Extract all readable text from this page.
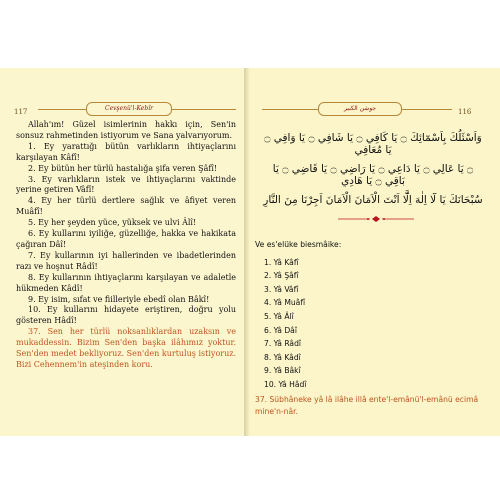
117	Cevşenü'l-Kebîr

Allah'ım! Güzel isimlerinin hakkı için, Sen'in sonsuz rahmetinden istiyorum ve Sana yalvarıyorum.

1. Ey yarattığı bütün varlıkların ihtiyaçlarını karşılayan Kâfî!

2. Ey bütün her türlü hastalığa şifa veren Şâfî!

3. Ey varlıkların istek ve ihtiyaçlarını vaktinde yerine getiren Vâfî!

4. Ey her türlü dertlere sağlık ve âfiyet veren Muâfî!

5. Ey her şeyden yüce, yüksek ve ulvi Âlî!

6. Ey kullarını iyiliğe, güzelliğe, hakka ve hakikata çağıran Dâî!

7. Ey kullarının iyi hallerinden ve ibadetlerinden razı ve hoşnut Râdî!

8. Ey kullarının ihtiyaçlarını karşılayan ve adaletle hükmeden Kâdî!

9. Ey isim, sıfat ve fiilleriyle ebedî olan Bâkî!

10. Ey kullarını hidayete eriştiren, doğru yolu gösteren Hâdî!

37. Sen her türlü noksanlıklardan uzaksın ve mukaddessin. Bizim Sen'den başka ilâhımız yoktur. Sen'den medet bekliyoruz. Sen'den kurtuluş istiyoruz. Bizi Cehennem'in ateşinden koru.

جوشن الكبير	116
وَاَسْئَلُكَ بِاَسْمَٓائِكَ ۝ يَا كَافِي ۝ يَا شَافِي ۝ يَا وَافِي ۝ يَا مُعَافِي
۝ يَا عَالِي ۝ يَا دَاعِي ۝ يَا رَاضِي ۝ يَا قَاضِي ۝ يَا بَاقِي ۝ يَا هَادِي
سُبْحَانَكَ يَا لَٓا اِلٰهَ اِلَّٓا اَنْتَ الْاَمَانَ الْاَمَانَ اَجِرْنَا مِنَ النَّارِ

Ve es'elüke biesmâike:

1. Yâ Kâfî
2. Yâ Şâfî
3. Yâ Vâfî
4. Yâ Muâfî
5. Yâ Âlî
6. Yâ Dâî
7. Yâ Râdî
8. Yâ Kâdî
9. Yâ Bâkî
10. Yâ Hâdî

37. Sübhâneke yâ lâ ilâhe illâ ente'l-emânü'l-emânü ecimâ mine'n-nâr.
